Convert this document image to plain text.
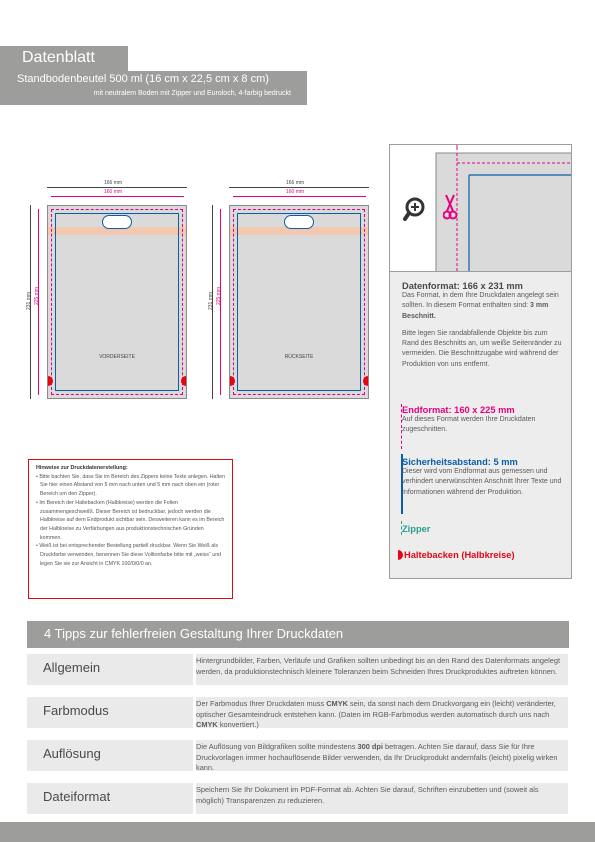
Datenblatt
Standbodenbeutel 500 ml (16 cm x 22,5 cm x 8 cm)
mit neutralem Boden mit Zipper und Euroloch, 4-farbig bedruckt
166 mm
160 mm
231 mm 225 mm
VORDERSEITE
166 mm
160 mm
231 mm 225 mm
RÜCKSEITE
Hinweise zur Druckdatenerstellung:

• Bitte bachten Sie, dass Sie im Bereich des Zippers keine Texte anlegen. Halten Sie hier einen Abstand von 5 mm nach unten und 5 mm nach oben ein (roter Bereich um den Zipper).

• Im Bereich der Haltebacken (Halbkreise) werden die Folien zusammengeschweißt. Dieser Bereich ist bedruckbar, jedoch werden die Halbkreise auf dem Endprodukt sichtbar sein. Desweiteren kann es im Bereich der Halbkreise zu Verfärbungen aus produktionstechnischen Gründen kommen.

• Weiß ist bei entsprechender Bestellung partiell druckbar. Wenn Sie Weiß als Druckfarbe verwenden, benennen Sie diese Volltonfarbe bitte mit „weiss“ und legen Sie sie zur Ansicht in CMYK 100/0/0/0 an.

Datenformat: 166 x 231 mm
Das Format, in dem Ihre Druckdaten angelegt sein sollten. In diesem Format enthalten sind: 3 mm Beschnitt.
Bitte legen Sie randabfallende Objekte bis zum Rand des Beschnitts an, um weiße Seitenränder zu vermeiden. Die Beschnittzugabe wird während der Produktion von uns entfernt.
Endformat: 160 x 225 mm
Auf dieses Format werden Ihre Druckdaten zugeschnitten.
Sicherheitsabstand: 5 mm
Dieser wird vom Endformat aus gemessen und verhindert unerwünschten Anschnitt Ihrer Texte und Informationen während der Produktion.
Zipper
Haltebacken (Halbkreise)
4 Tipps zur fehlerfreien Gestaltung Ihrer Druckdaten
Allgemein	Hintergrundbilder, Farben, Verläufe und Grafiken sollten unbedingt bis an den Rand des Datenformats angelegt werden, da produktionstechnisch kleinere Toleranzen beim Schneiden Ihres Druckproduktes auftreten können.
Farbmodus	Der Farbmodus Ihrer Druckdaten muss CMYK sein, da sonst nach dem Druckvorgang ein (leicht) veränderter, optischer Gesamteindruck entstehen kann. (Daten im RGB-Farbmodus werden automatisch durch uns nach CMYK konvertiert.)
Auflösung	Die Auflösung von Bildgrafiken sollte mindestens 300 dpi betragen. Achten Sie darauf, dass Sie für Ihre Druckvorlagen immer hochauflösende Bilder verwenden, da Ihr Druckprodukt andernfalls (leicht) pixelig wirken kann.
Dateiformat	Speichern Sie Ihr Dokument im PDF-Format ab. Achten Sie darauf, Schriften einzubetten und (soweit als möglich) Transparenzen zu reduzieren.
